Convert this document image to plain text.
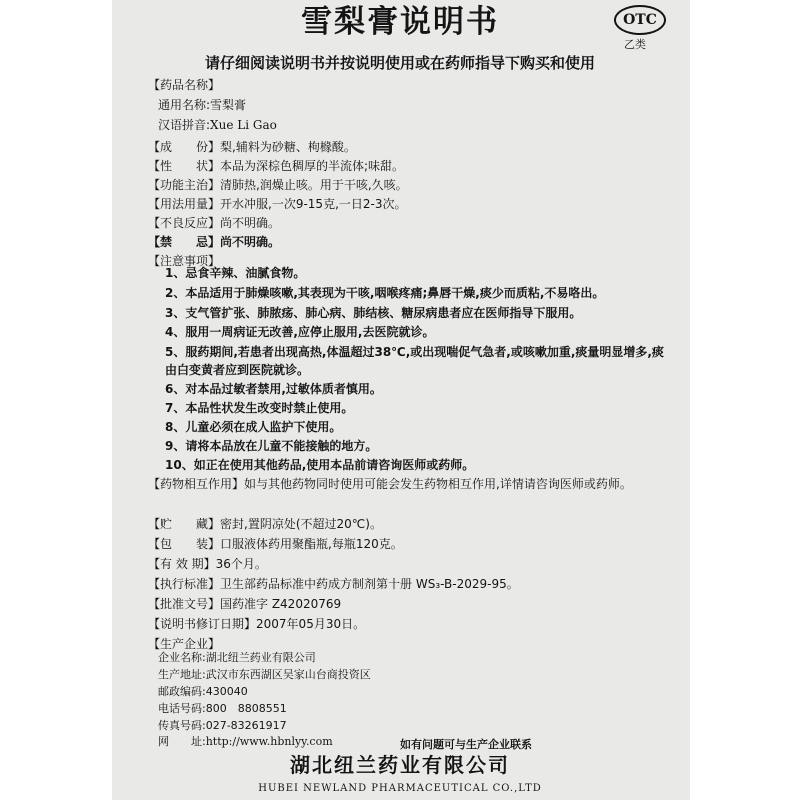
雪梨膏说明书	OTC
乙类
请仔细阅读说明书并按说明使用或在药师指导下购买和使用
【药品名称】
通用名称:雪梨膏
汉语拼音:Xue Li Gao
【成　　份】梨,辅料为砂糖、枸橼酸。
【性　　状】本品为深棕色稠厚的半流体;味甜。
【功能主治】清肺热,润燥止咳。用于干咳,久咳。
【用法用量】开水冲服,一次9-15克,一日2-3次。
【不良反应】尚不明确。
【禁　　忌】尚不明确。
【注意事项】
1、忌食辛辣、油腻食物。
2、本品适用于肺燥咳嗽,其表现为干咳,咽喉疼痛;鼻唇干燥,痰少而质粘,不易咯出。
3、支气管扩张、肺脓疡、肺心病、肺结核、糖尿病患者应在医师指导下服用。
4、服用一周病证无改善,应停止服用,去医院就诊。
5、服药期间,若患者出现高热,体温超过38℃,或出现喘促气急者,或咳嗽加重,痰量明显增多,痰由白变黄者应到医院就诊。
6、对本品过敏者禁用,过敏体质者慎用。
7、本品性状发生改变时禁止使用。
8、儿童必须在成人监护下使用。
9、请将本品放在儿童不能接触的地方。
10、如正在使用其他药品,使用本品前请咨询医师或药师。
【药物相互作用】如与其他药物同时使用可能会发生药物相互作用,详情请咨询医师或药师。
【贮　　藏】密封,置阴凉处(不超过20℃)。
【包　　装】口服液体药用聚酯瓶,每瓶120克。
【有 效 期】36个月。
【执行标准】卫生部药品标准中药成方制剂第十册 WS₃-B-2029-95。
【批准文号】国药准字 Z42020769
【说明书修订日期】2007年05月30日。
【生产企业】
企业名称:湖北纽兰药业有限公司
生产地址:武汉市东西湖区吴家山台商投资区
邮政编码:430040
电话号码:800　8808551
传真号码:027-83261917
湖北纽兰药业有限公司
HUBEI NEWLAND PHARMACEUTICAL CO.,LTD
网　　址:http://www.hbnlyy.com	如有问题可与生产企业联系
